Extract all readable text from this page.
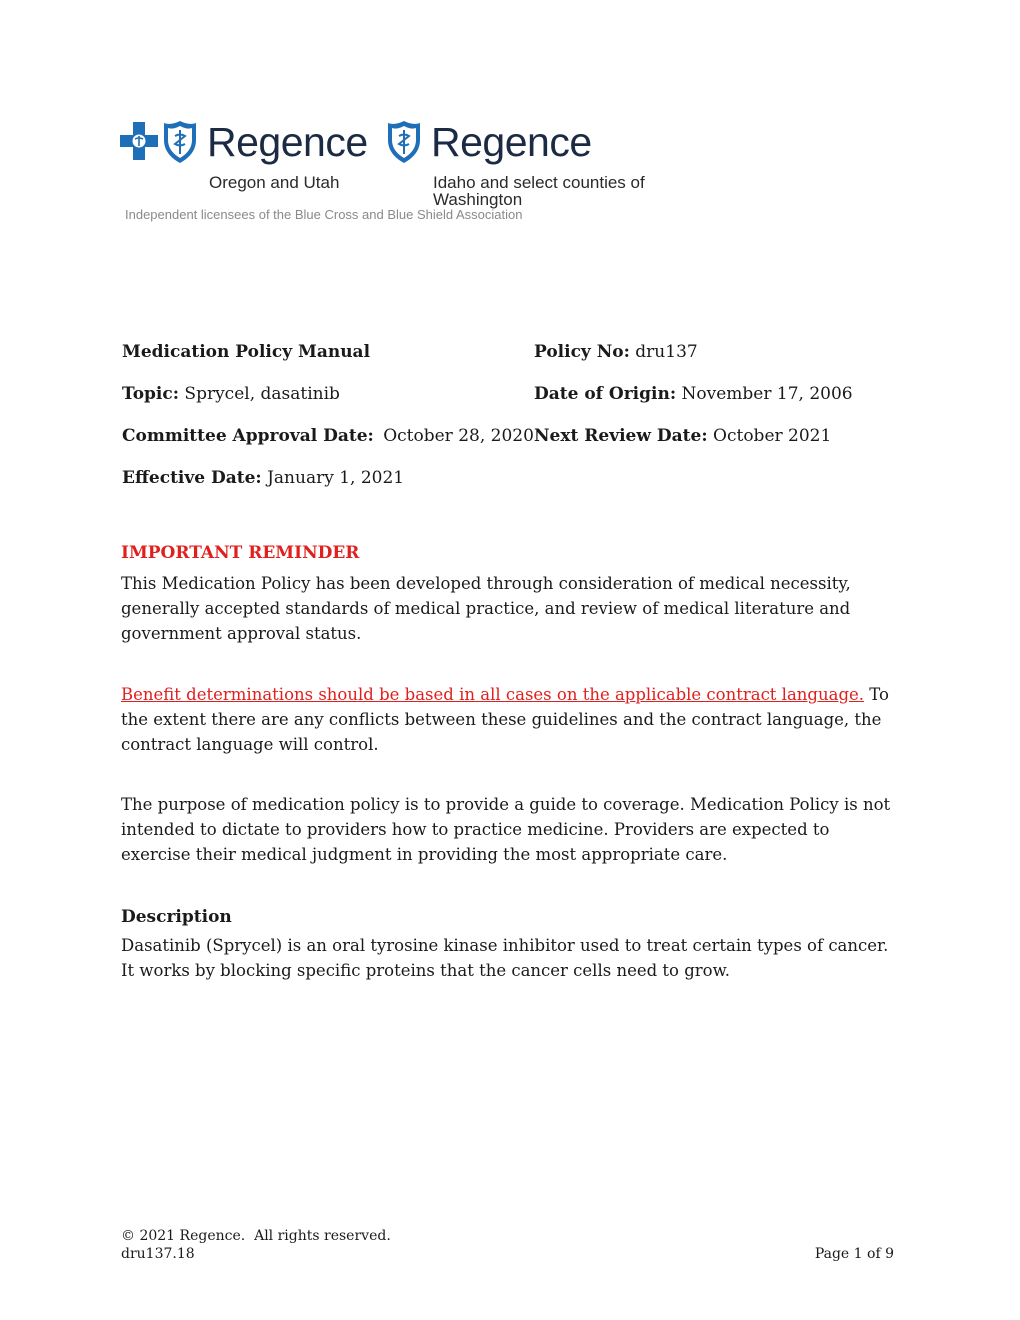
Regence
Oregon and Utah
Regence
Idaho and select counties of Washington
Independent licensees of the Blue Cross and Blue Shield Association
Medication Policy Manual	Policy No: dru137
Topic: Sprycel, dasatinib	Date of Origin: November 17, 2006
Committee Approval Date: October 28, 2020 Next Review Date: October 2021
Effective Date: January 1, 2021
IMPORTANT REMINDER
This Medication Policy has been developed through consideration of medical necessity, generally accepted standards of medical practice, and review of medical literature and government approval status.
Benefit determinations should be based in all cases on the applicable contract language. To the extent there are any conflicts between these guidelines and the contract language, the contract language will control.
The purpose of medication policy is to provide a guide to coverage. Medication Policy is not intended to dictate to providers how to practice medicine. Providers are expected to exercise their medical judgment in providing the most appropriate care.
Description
Dasatinib (Sprycel) is an oral tyrosine kinase inhibitor used to treat certain types of cancer. It works by blocking specific proteins that the cancer cells need to grow.
© 2021 Regence.  All rights reserved.
dru137.18	Page 1 of 9
